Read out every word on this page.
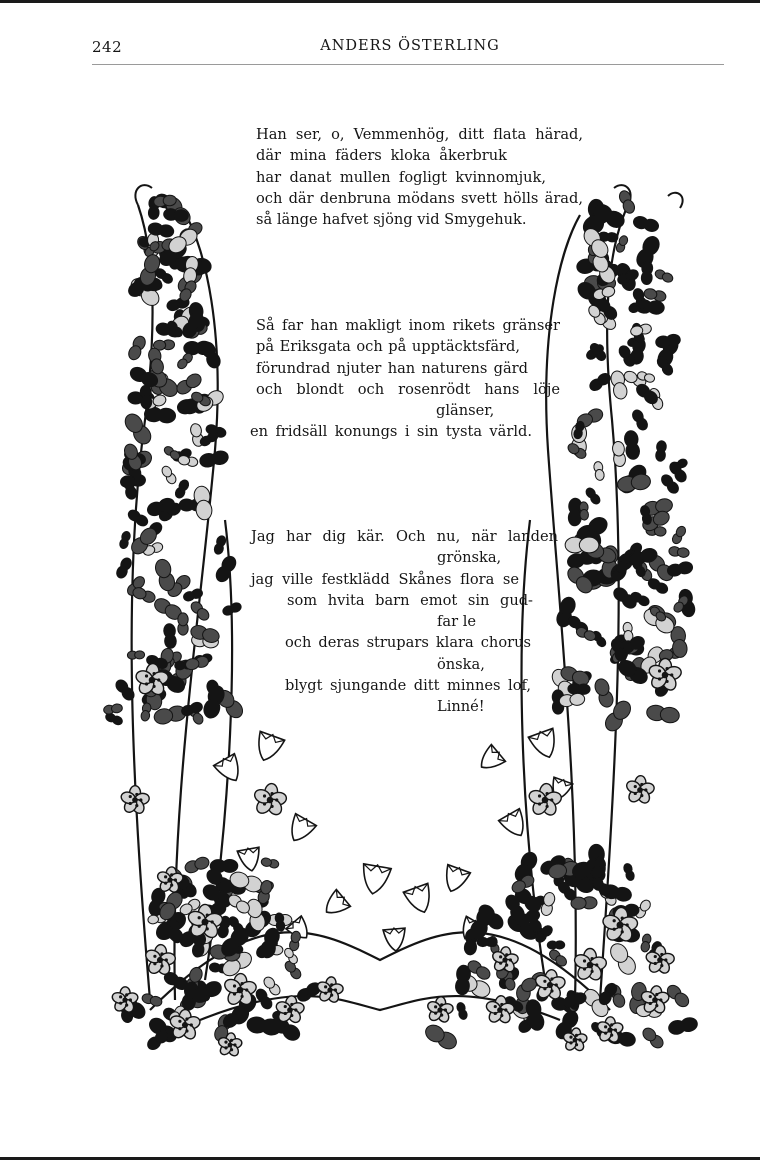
242	ANDERS ÖSTERLING
Han ser, o, Vemmenhög, ditt flata härad,
där mina fäders kloka åkerbruk
har danat mullen fogligt kvinnomjuk,
och där denbruna mödans svett hölls ärad,
så länge hafvet sjöng vid Smygehuk.
Så far han makligt inom rikets gränser
på Eriksgata och på upptäcktsfärd,
förundrad njuter han naturens gärd
och blondt och rosenrödt hans löje
glänser,
en fridsäll konungs i sin tysta värld.
Jag har dig kär. Och nu, när landen
grönska,
jag ville festklädd Skånes flora se
som hvita barn emot sin gud-
far le
och deras strupars klara chorus
önska,
blygt sjungande ditt minnes lof,
Linné!
